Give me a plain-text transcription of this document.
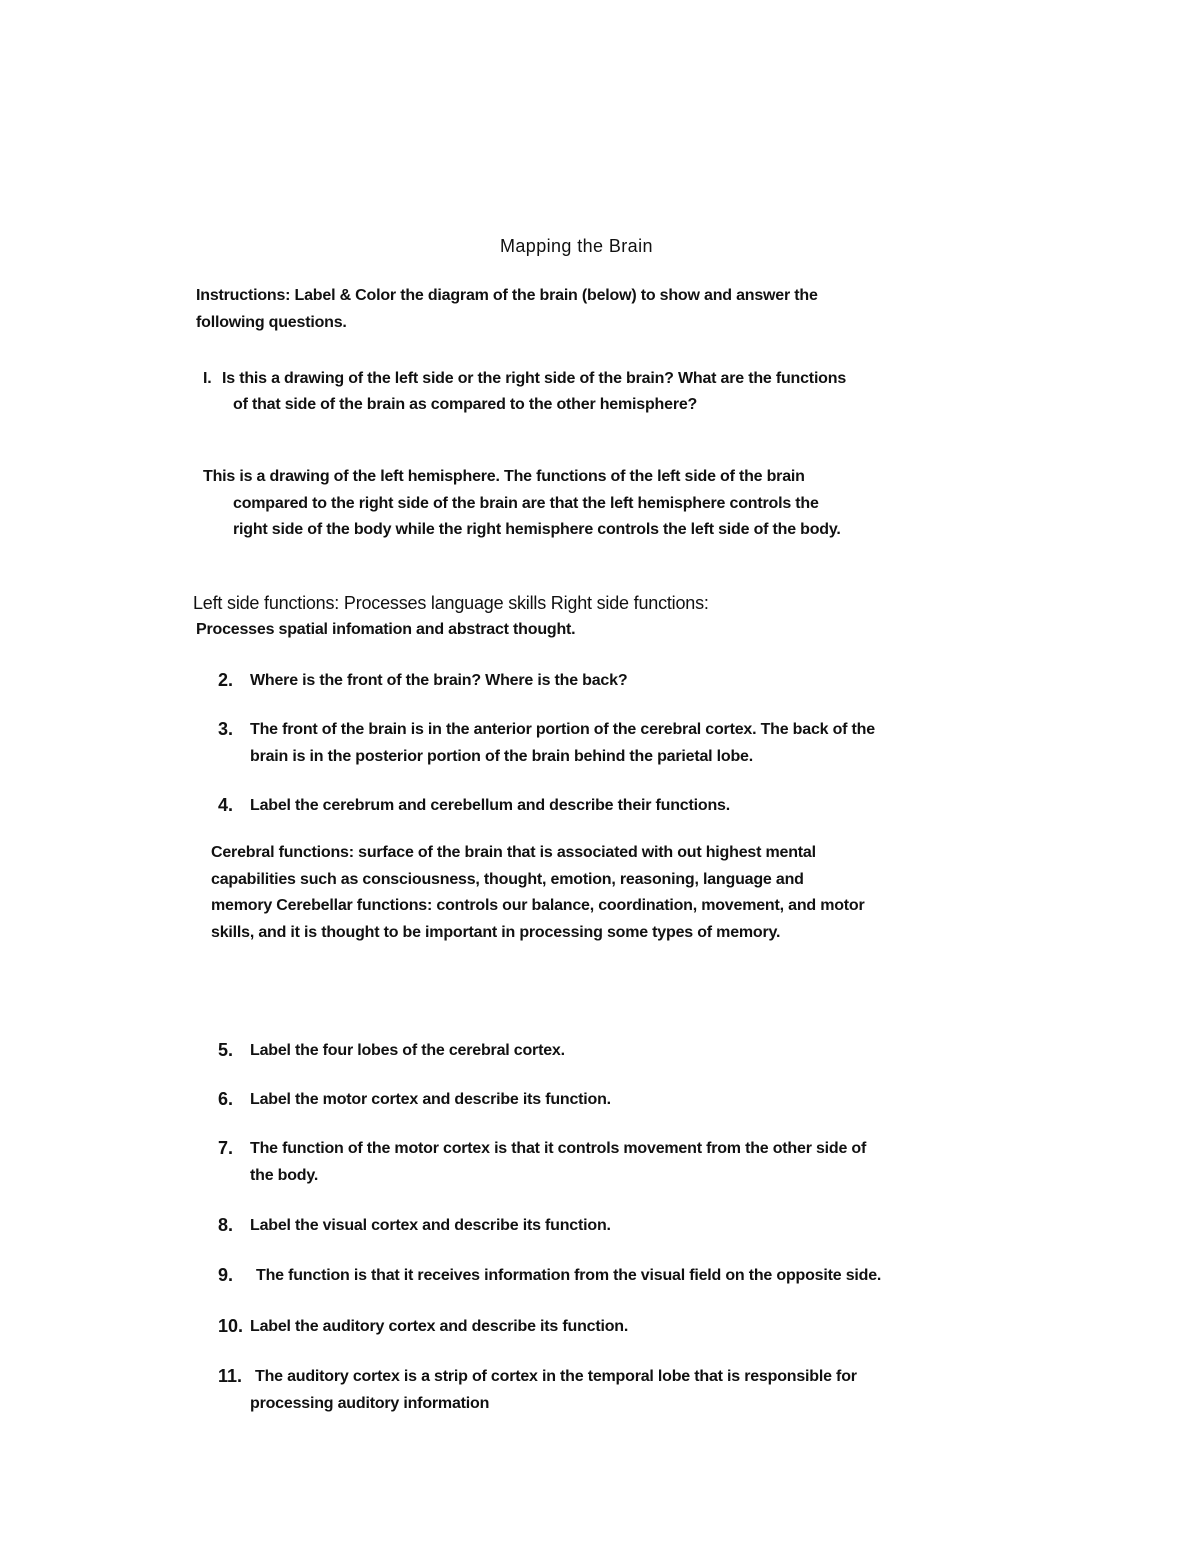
Mapping the Brain
Instructions: Label & Color the diagram of the brain (below) to show and answer the
following questions.
I. Is this a drawing of the left side or the right side of the brain? What are the functions
of that side of the brain as compared to the other hemisphere?
This is a drawing of the left hemisphere. The functions of the left side of the brain
compared to the right side of the brain are that the left hemisphere controls the
right side of the body while the right hemisphere controls the left side of the body.
Left side functions: Processes language skills Right side functions:
Processes spatial infomation and abstract thought.
2. Where is the front of the brain? Where is the back?
3. The front of the brain is in the anterior portion of the cerebral cortex. The back of the
brain is in the posterior portion of the brain behind the parietal lobe.
4. Label the cerebrum and cerebellum and describe their functions.
Cerebral functions: surface of the brain that is associated with out highest mental
capabilities such as consciousness, thought, emotion, reasoning, language and
memory Cerebellar functions: controls our balance, coordination, movement, and motor
skills, and it is thought to be important in processing some types of memory.
5. Label the four lobes of the cerebral cortex.
6. Label the motor cortex and describe its function.
7. The function of the motor cortex is that it controls movement from the other side of
the body.
8. Label the visual cortex and describe its function.
9. The function is that it receives information from the visual field on the opposite side.
10. Label the auditory cortex and describe its function.
11. The auditory cortex is a strip of cortex in the temporal lobe that is responsible for
processing auditory information
